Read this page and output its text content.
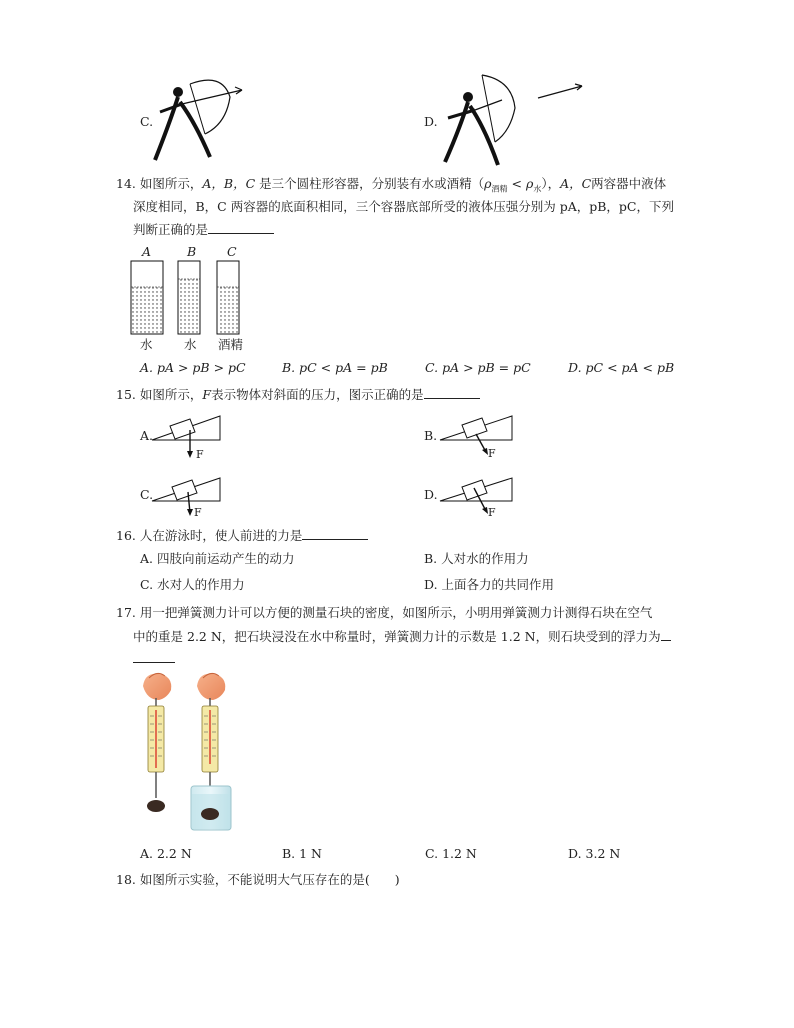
C.	D.
14. 如图所示，A，B，C 是三个圆柱形容器，分别装有水或酒精$(\rho_{酒精} < \rho_水)$，A，C两容器中液体
深度相同，B，C 两容器的底面积相同，三个容器底部所受的液体压强分别为 pA，pB，pC，下列
判断正确的是
A	B C
水	水 酒精
A. pA > pB > pC	B. pC < pA = pB	C. pA > pB = pC	D. pC < pA < pB
15. 如图所示，F表示物体对斜面的压力，图示正确的是
A.
F
B.
F
C.
F
D.
F
16. 人在游泳时，使人前进的力是
A. 四肢向前运动产生的动力	B. 人对水的作用力
C. 水对人的作用力	D. 上面各力的共同作用
17. 用一把弹簧测力计可以方便的测量石块的密度，如图所示，小明用弹簧测力计测得石块在空气
中的重是 2.2 N，把石块浸没在水中称量时，弹簧测力计的示数是 1.2 N，则石块受到的浮力为
A. 2.2 N	B. 1 N	C. 1.2 N	D. 3.2 N
18. 如图所示实验，不能说明大气压存在的是(　　)
